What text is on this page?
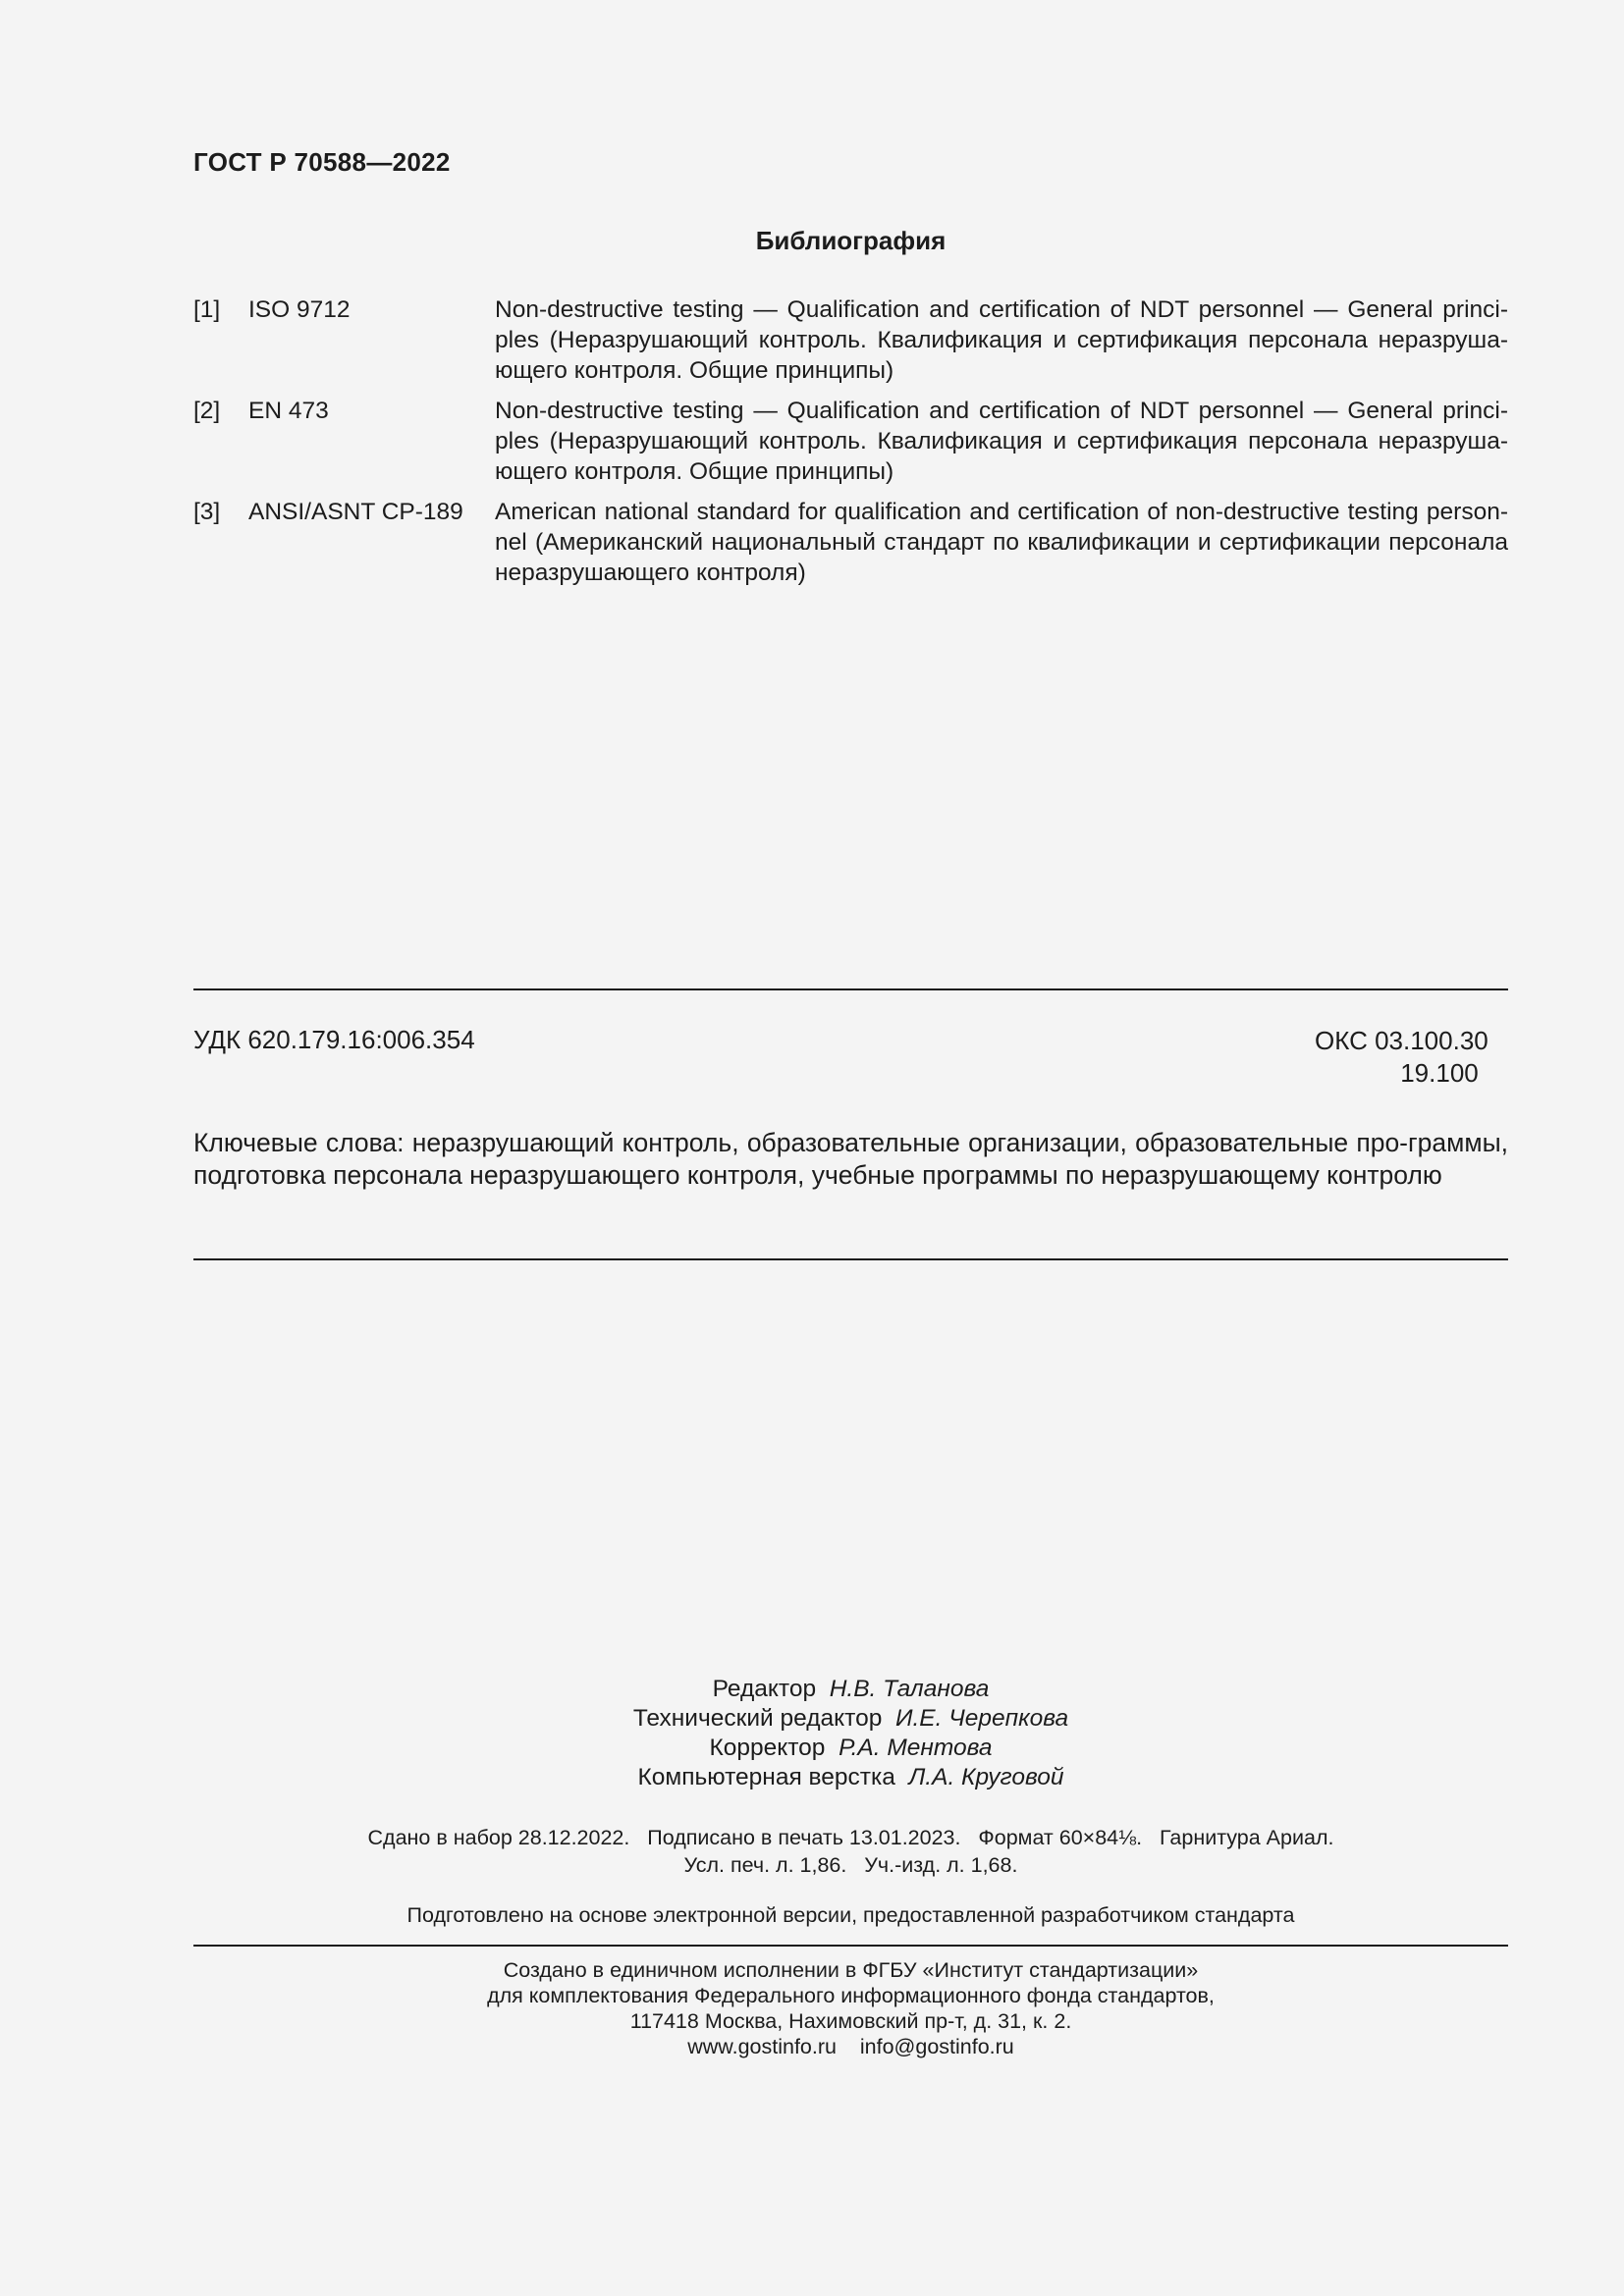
ГОСТ Р 70588—2022
Библиография
[1] ISO 9712	Non-destructive testing — Qualification and certification of NDT personnel — General princi-ples (Неразрушающий контроль. Квалификация и сертификация персонала неразруша-ющего контроля. Общие принципы)
[2] EN 473	Non-destructive testing — Qualification and certification of NDT personnel — General princi-ples (Неразрушающий контроль. Квалификация и сертификация персонала неразруша-ющего контроля. Общие принципы)
[3] ANSI/ASNT CP-189 American national standard for qualification and certification of non-destructive testing person-nel (Американский национальный стандарт по квалификации и сертификации персонала неразрушающего контроля)
УДК 620.179.16:006.354	ОКС 03.100.30
19.100
Ключевые слова: неразрушающий контроль, образовательные организации, образовательные про-граммы, подготовка персонала неразрушающего контроля, учебные программы по неразрушающему контролю
Редактор Н.В. Таланова
Технический редактор И.Е. Черепкова
Корректор Р.А. Ментова
Компьютерная верстка Л.А. Круговой
Сдано в набор 28.12.2022.   Подписано в печать 13.01.2023.   Формат 60×84⅛.   Гарнитура Ариал.
Усл. печ. л. 1,86.   Уч.-изд. л. 1,68.
Подготовлено на основе электронной версии, предоставленной разработчиком стандарта
Создано в единичном исполнении в ФГБУ «Институт стандартизации»
для комплектования Федерального информационного фонда стандартов,
117418 Москва, Нахимовский пр-т, д. 31, к. 2.
www.gostinfo.ru    info@gostinfo.ru
